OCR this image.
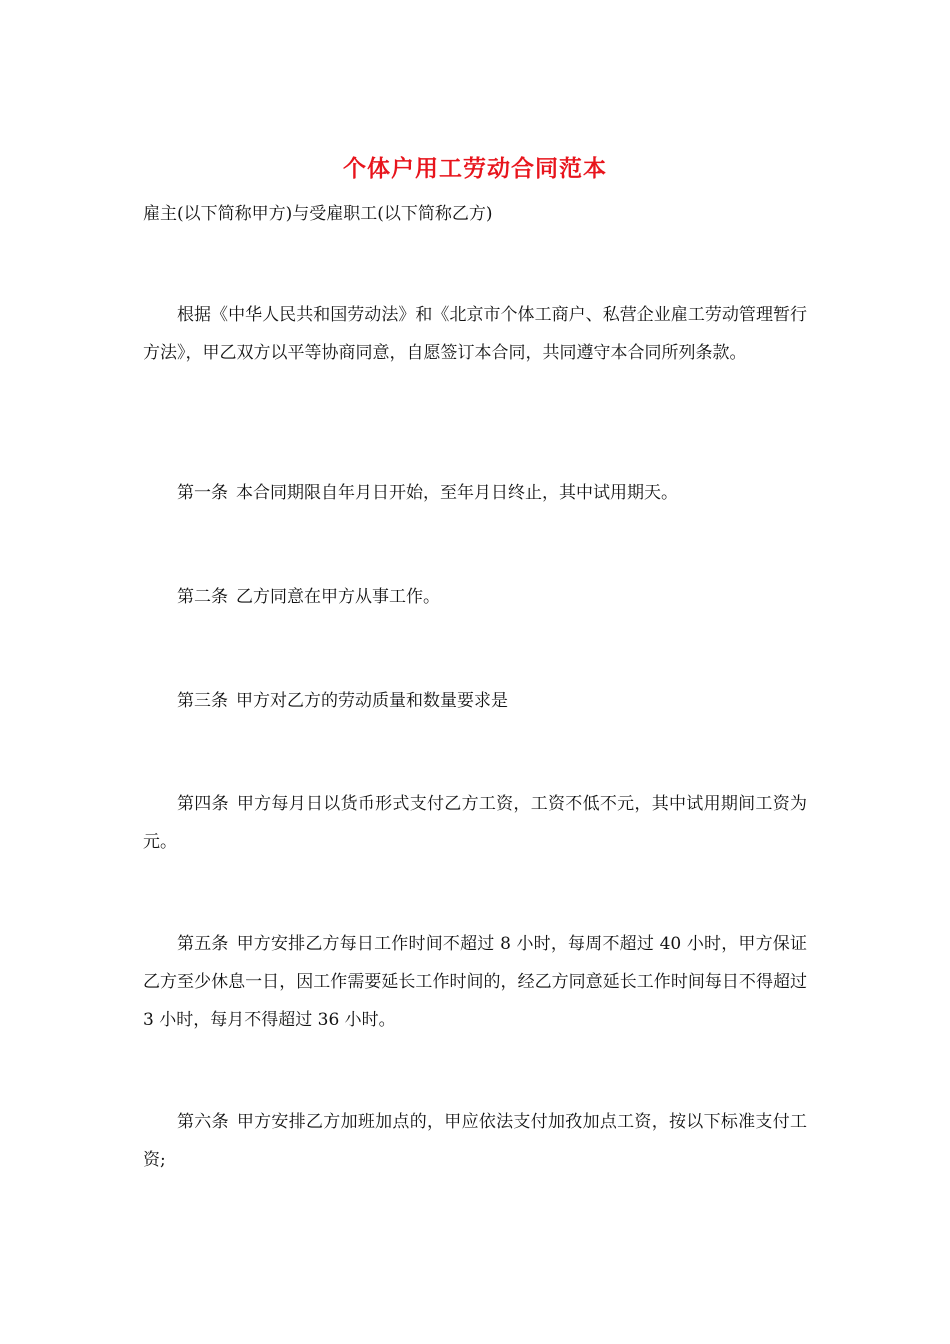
个体户用工劳动合同范本
雇主(以下简称甲方)与受雇职工(以下简称乙方)

根据《中华人民共和国劳动法》和《北京市个体工商户、私营企业雇工劳动管理暂行方法》，甲乙双方以平等协商同意，自愿签订本合同，共同遵守本合同所列条款。

第一条 本合同期限自年月日开始，至年月日终止，其中试用期天。

第二条 乙方同意在甲方从事工作。

第三条 甲方对乙方的劳动质量和数量要求是

第四条 甲方每月日以货币形式支付乙方工资，工资不低不元，其中试用期间工资为元。

第五条 甲方安排乙方每日工作时间不超过 8 小时，每周不超过 40 小时，甲方保证乙方至少休息一日，因工作需要延长工作时间的，经乙方同意延长工作时间每日不得超过 3 小时，每月不得超过 36 小时。

第六条 甲方安排乙方加班加点的，甲应依法支付加孜加点工资，按以下标准支付工资;
